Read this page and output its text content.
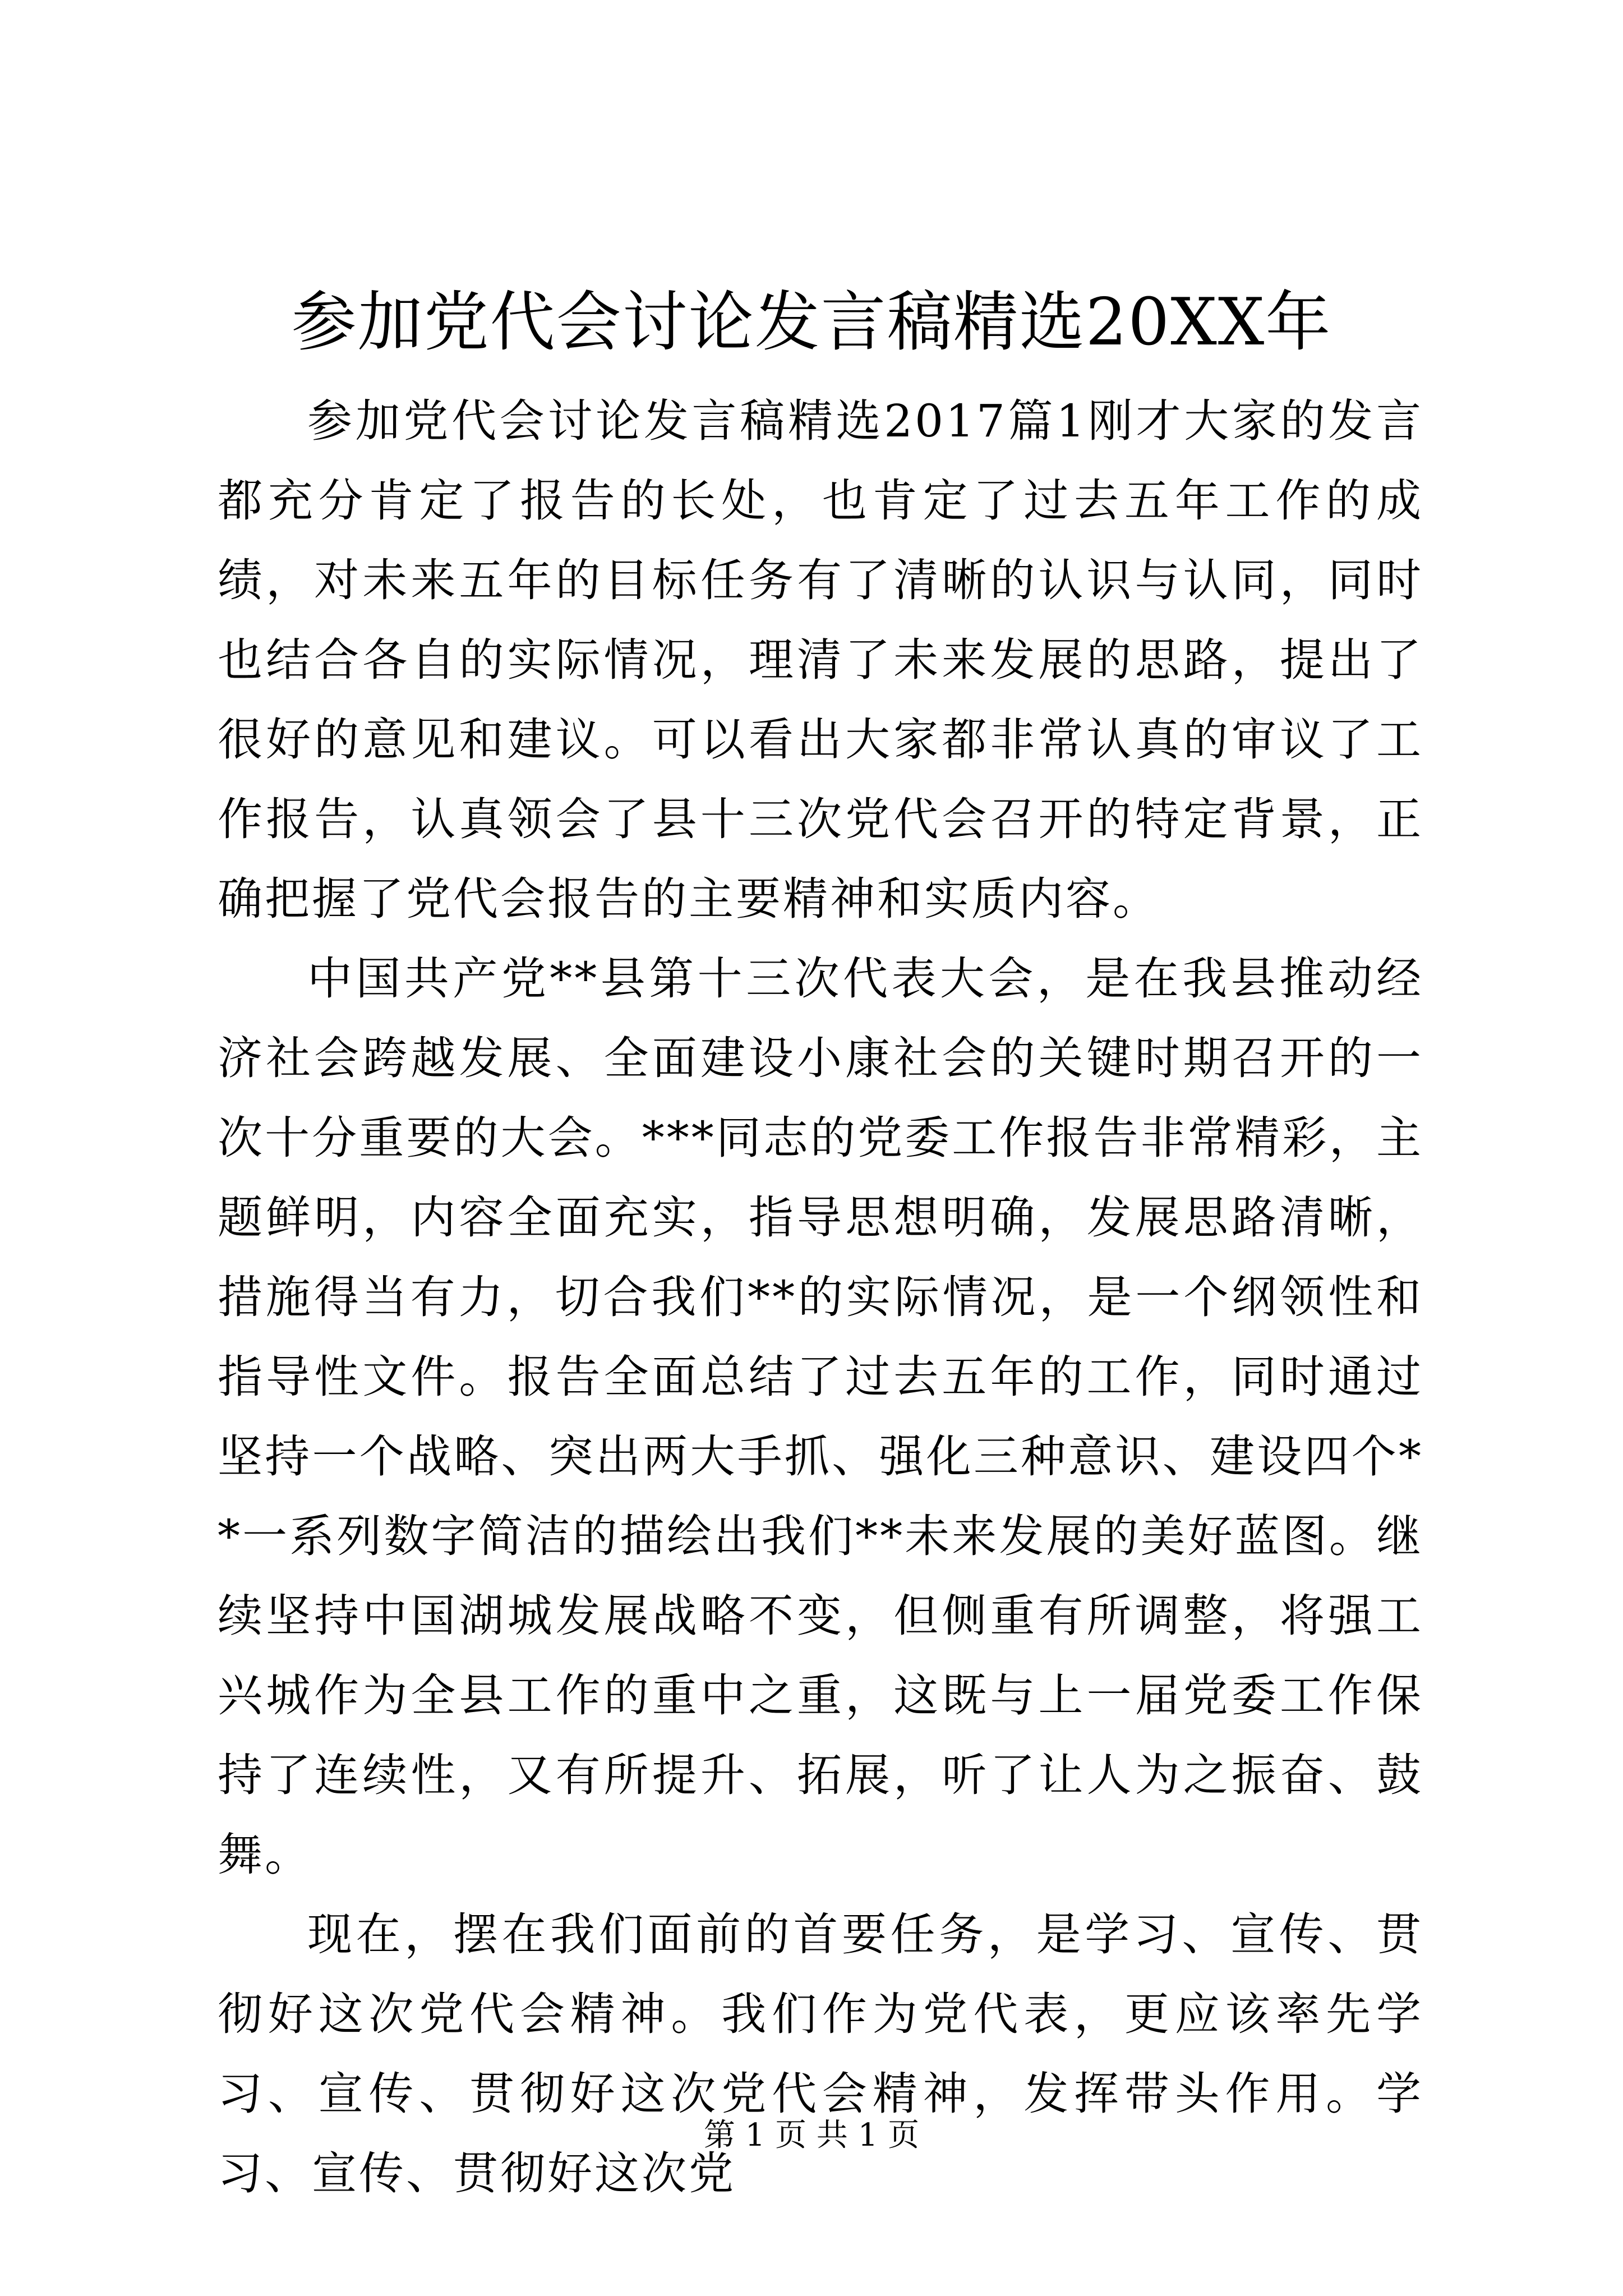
参加党代会讨论发言稿精选20XX年

参加党代会讨论发言稿精选2017篇1刚才大家的发言都充分肯定了报告的长处，也肯定了过去五年工作的成绩，对未来五年的目标任务有了清晰的认识与认同，同时也结合各自的实际情况，理清了未来发展的思路，提出了很好的意见和建议。可以看出大家都非常认真的审议了工作报告，认真领会了县十三次党代会召开的特定背景，正确把握了党代会报告的主要精神和实质内容。

中国共产党**县第十三次代表大会，是在我县推动经济社会跨越发展、全面建设小康社会的关键时期召开的一次十分重要的大会。***同志的党委工作报告非常精彩，主题鲜明，内容全面充实，指导思想明确，发展思路清晰，措施得当有力，切合我们**的实际情况，是一个纲领性和指导性文件。报告全面总结了过去五年的工作，同时通过坚持一个战略、突出两大手抓、强化三种意识、建设四个**一系列数字简洁的描绘出我们**未来发展的美好蓝图。继续坚持中国湖城发展战略不变，但侧重有所调整，将强工兴城作为全县工作的重中之重，这既与上一届党委工作保持了连续性，又有所提升、拓展，听了让人为之振奋、鼓舞。

现在，摆在我们面前的首要任务，是学习、宣传、贯彻好这次党代会精神。我们作为党代表，更应该率先学习、宣传、贯彻好这次党代会精神，发挥带头作用。学习、宣传、贯彻好这次党

第 1 页 共 1 页
